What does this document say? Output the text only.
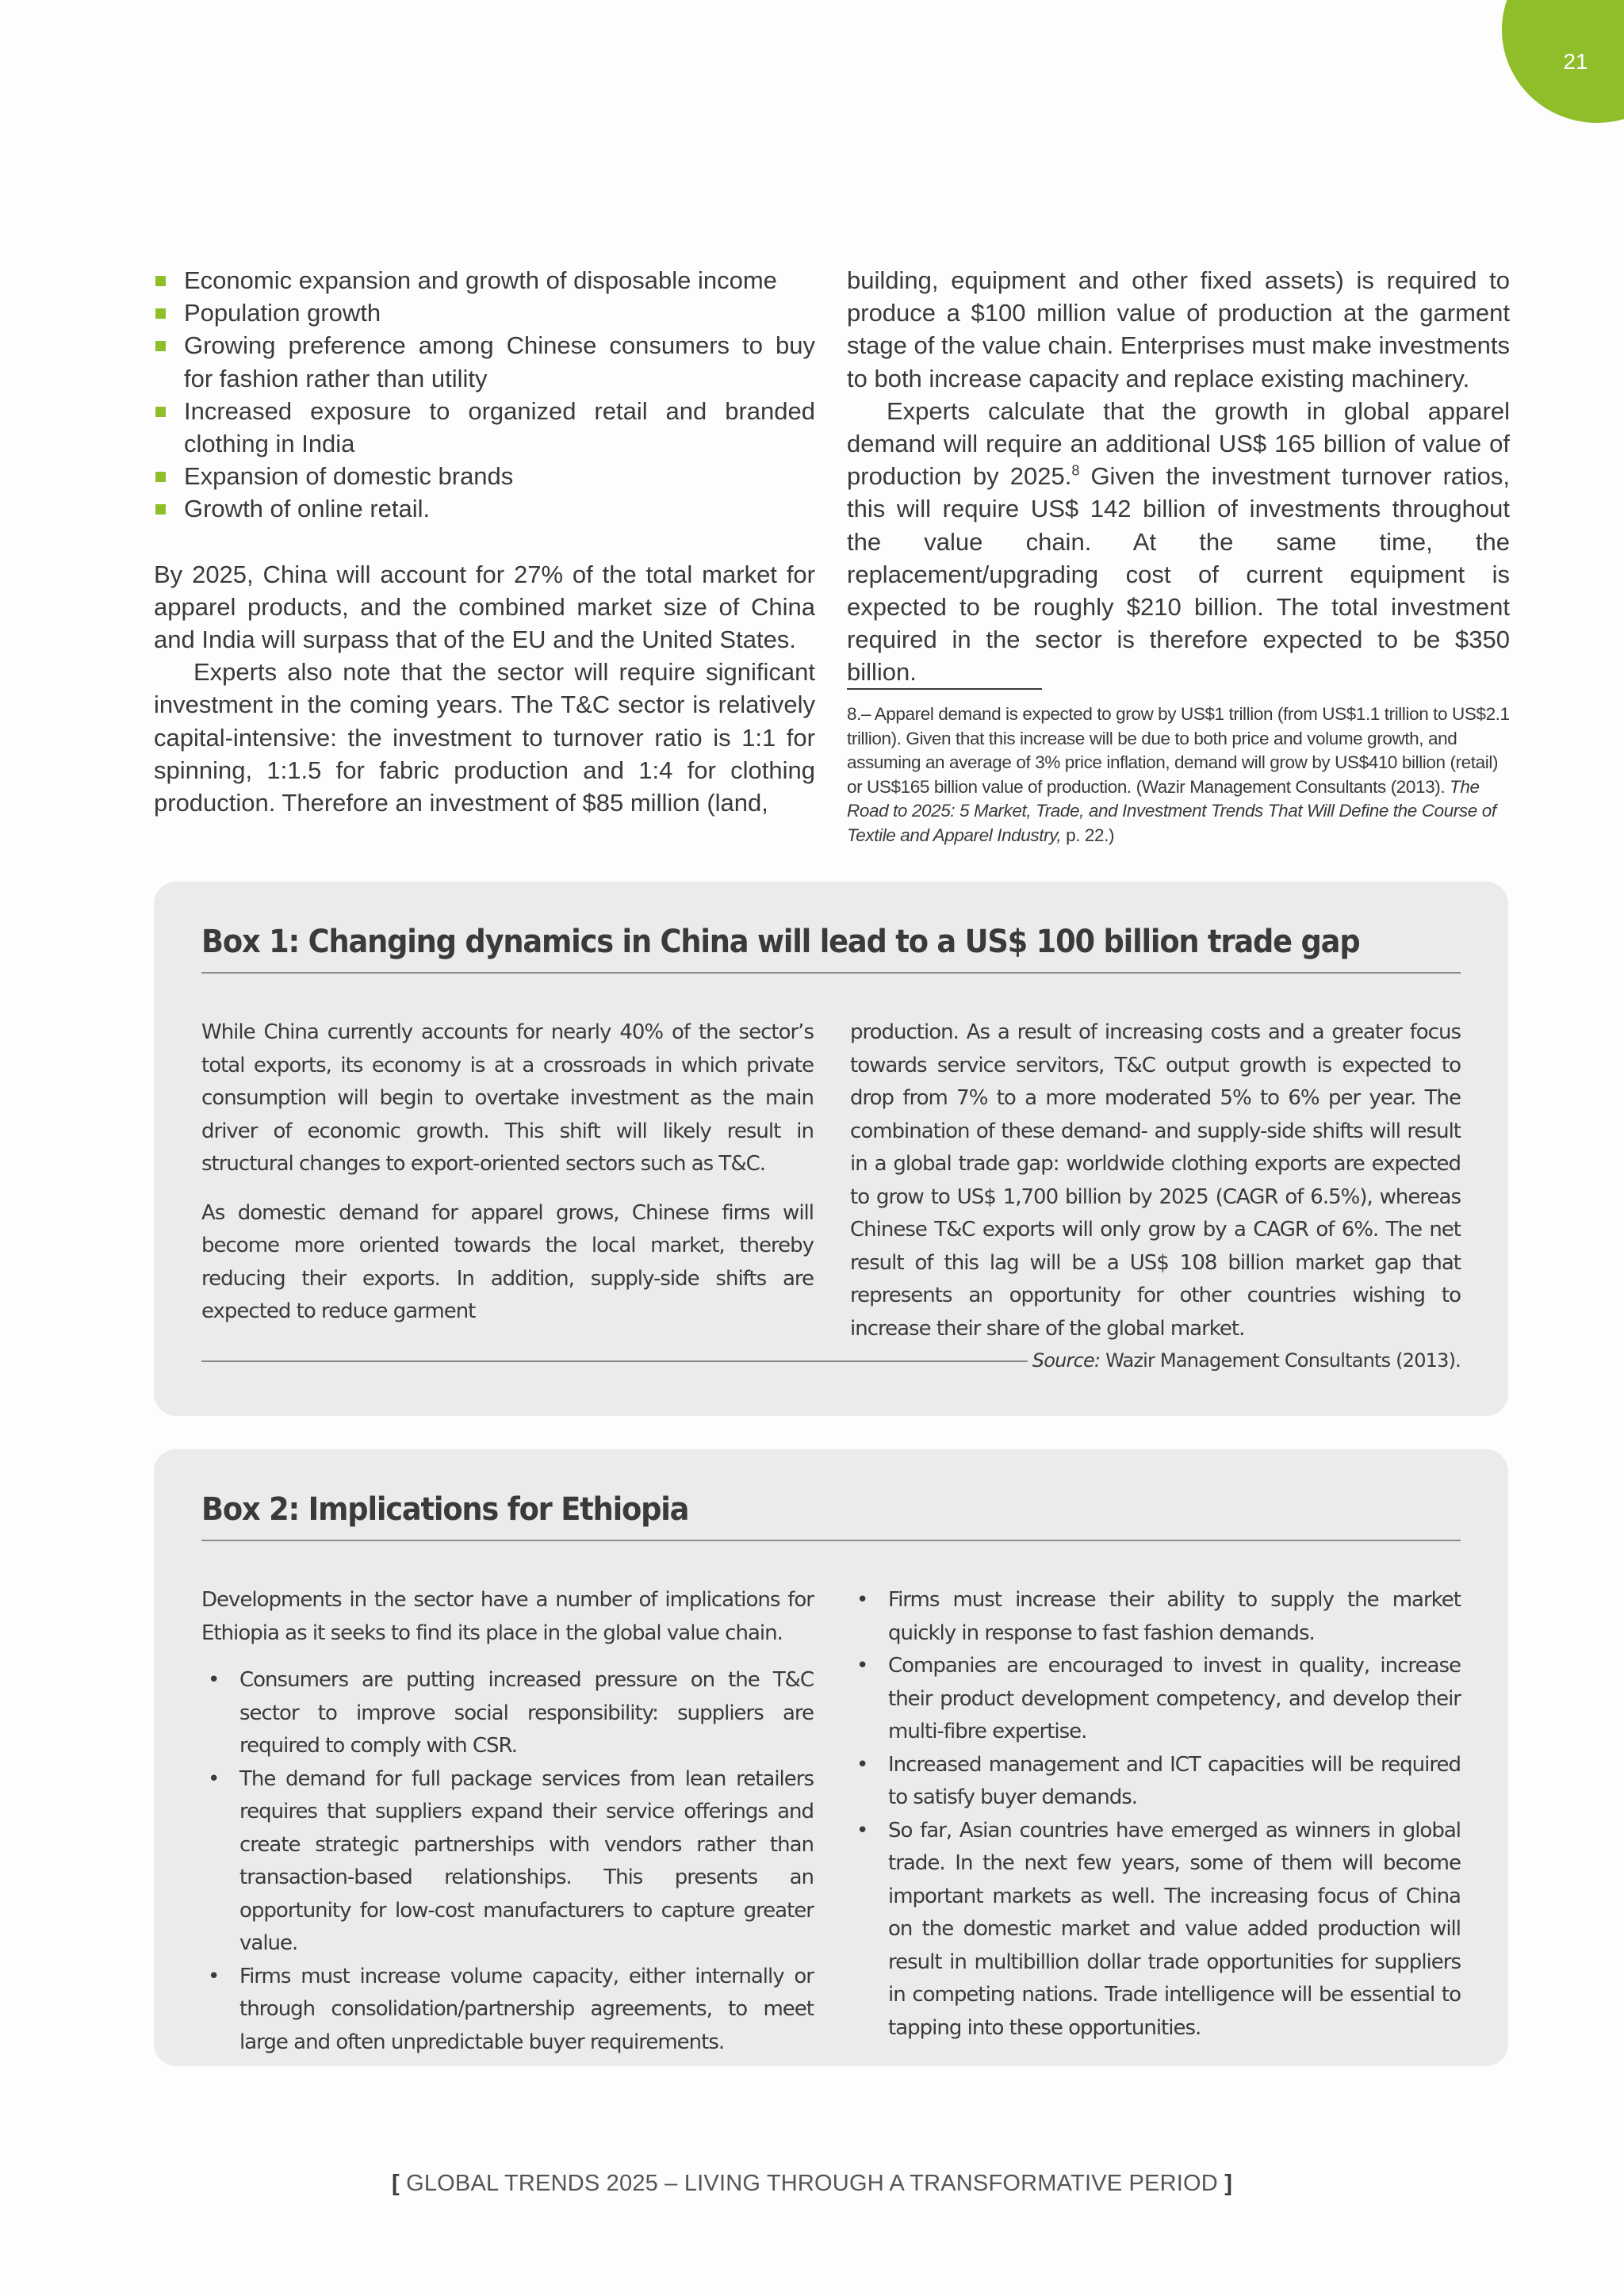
21
Economic expansion and growth of disposable income
Population growth
Growing preference among Chinese consumers to buy for fashion rather than utility
Increased exposure to organized retail and branded clothing in India
Expansion of domestic brands
Growth of online retail.

By 2025, China will account for 27% of the total market for apparel products, and the combined market size of China and India will surpass that of the EU and the United States.

Experts also note that the sector will require significant investment in the coming years. The T&C sector is relatively capital-intensive: the investment to turnover ratio is 1:1 for spinning, 1:1.5 for fabric production and 1:4 for clothing production. Therefore an investment of $85 million (land,

building, equipment and other fixed assets) is required to produce a $100 million value of production at the garment stage of the value chain. Enterprises must make investments to both increase capacity and replace existing machinery.

Experts calculate that the growth in global apparel demand will require an additional US$ 165 billion of value of production by 2025.$^8$ Given the investment turnover ratios, this will require US$ 142 billion of investments throughout the value chain. At the same time, the replacement/upgrading cost of current equipment is expected to be roughly $210 billion. The total investment required in the sector is therefore expected to be $350 billion.

8.– Apparel demand is expected to grow by US$1 trillion (from US$1.1 trillion to US$2.1 trillion). Given that this increase will be due to both price and volume growth, and assuming an average of 3% price inflation, demand will grow by US$410 billion (retail) or US$165 billion value of production. (Wazir Management Consultants (2013). The Road to 2025: 5 Market, Trade, and Investment Trends That Will Define the Course of Textile and Apparel Industry, p. 22.)

Box 1: Changing dynamics in China will lead to a US$ 100 billion trade gap

While China currently accounts for nearly 40% of the sector’s total exports, its economy is at a crossroads in which private consumption will begin to overtake investment as the main driver of economic growth. This shift will likely result in structural changes to export-oriented sectors such as T&C.

As domestic demand for apparel grows, Chinese firms will become more oriented towards the local market, thereby reducing their exports. In addition, supply-side shifts are expected to reduce garment

production. As a result of increasing costs and a greater focus towards service servitors, T&C output growth is expected to drop from 7% to a more moderated 5% to 6% per year. The combination of these demand- and supply-side shifts will result in a global trade gap: worldwide clothing exports are expected to grow to US$ 1,700 billion by 2025 (CAGR of 6.5%), whereas Chinese T&C exports will only grow by a CAGR of 6%. The net result of this lag will be a US$ 108 billion market gap that represents an opportunity for other countries wishing to increase their share of the global market.

Source: Wazir Management Consultants (2013).
Box 2: Implications for Ethiopia

Developments in the sector have a number of implications for Ethiopia as it seeks to find its place in the global value chain.

• Consumers are putting increased pressure on the T&C sector to improve social responsibility: suppliers are required to comply with CSR.
• The demand for full package services from lean retailers requires that suppliers expand their service offerings and create strategic partnerships with vendors rather than transaction-based relationships. This presents an opportunity for low-cost manufacturers to capture greater value.
• Firms must increase volume capacity, either internally or through consolidation/partnership agreements, to meet large and often unpredictable buyer requirements.
• Firms must increase their ability to supply the market quickly in response to fast fashion demands.
• Companies are encouraged to invest in quality, increase their product development competency, and develop their multi-fibre expertise.
• Increased management and ICT capacities will be required to satisfy buyer demands.
• So far, Asian countries have emerged as winners in global trade. In the next few years, some of them will become important markets as well. The increasing focus of China on the domestic market and value added production will result in multibillion dollar trade opportunities for suppliers in competing nations. Trade intelligence will be essential to tapping into these opportunities.
[ GLOBAL TRENDS 2025 – LIVING THROUGH A TRANSFORMATIVE PERIOD ]
